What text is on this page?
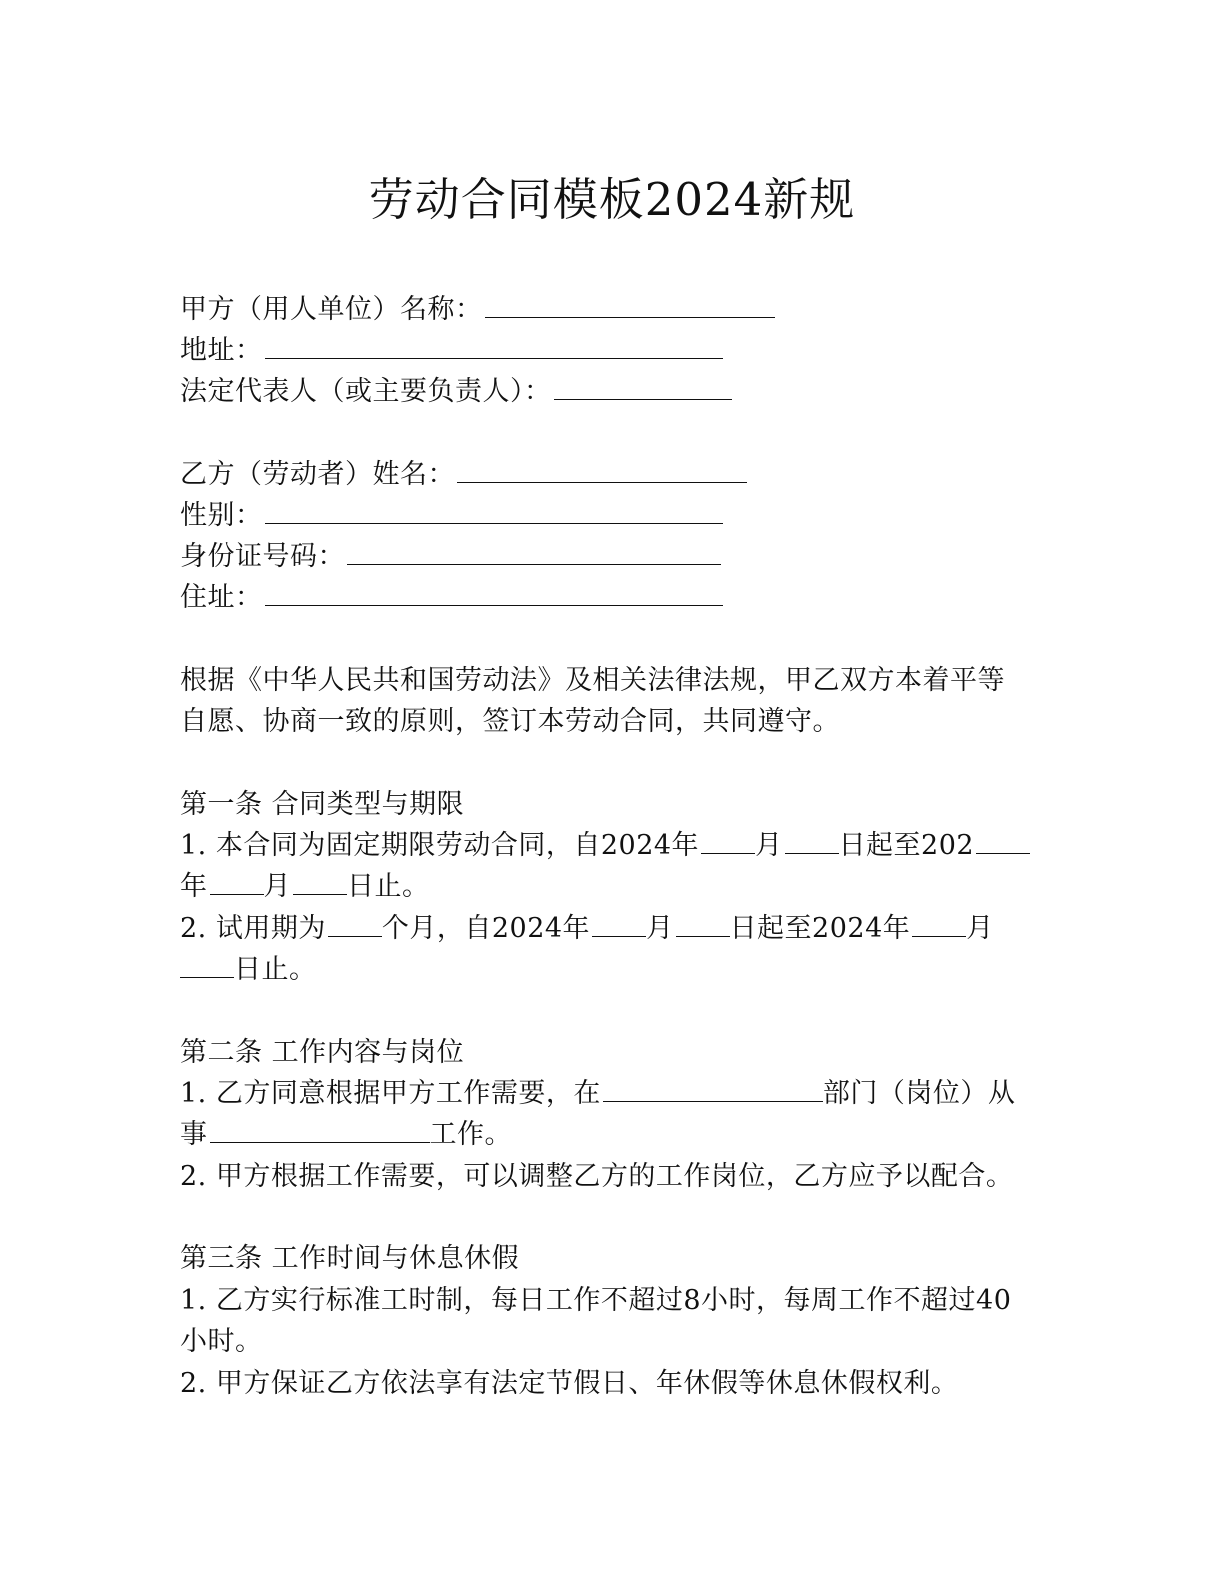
劳动合同模板2024新规
甲方（用人单位）名称：
地址：
法定代表人（或主要负责人）：
乙方（劳动者）姓名：
性别：
身份证号码：
住址：
根据《中华人民共和国劳动法》及相关法律法规，甲乙双方本着平等
自愿、协商一致的原则，签订本劳动合同，共同遵守。
第一条 合同类型与期限
1. 本合同为固定期限劳动合同，自2024年 月 日起至202
年 月 日止。
2. 试用期为 个月，自2024年 月 日起至2024年 月
日止。
第二条 工作内容与岗位
1. 乙方同意根据甲方工作需要，在	部门（岗位）从
事	工作。
2. 甲方根据工作需要，可以调整乙方的工作岗位，乙方应予以配合。
第三条 工作时间与休息休假
1. 乙方实行标准工时制，每日工作不超过8小时，每周工作不超过40
小时。
2. 甲方保证乙方依法享有法定节假日、年休假等休息休假权利。
